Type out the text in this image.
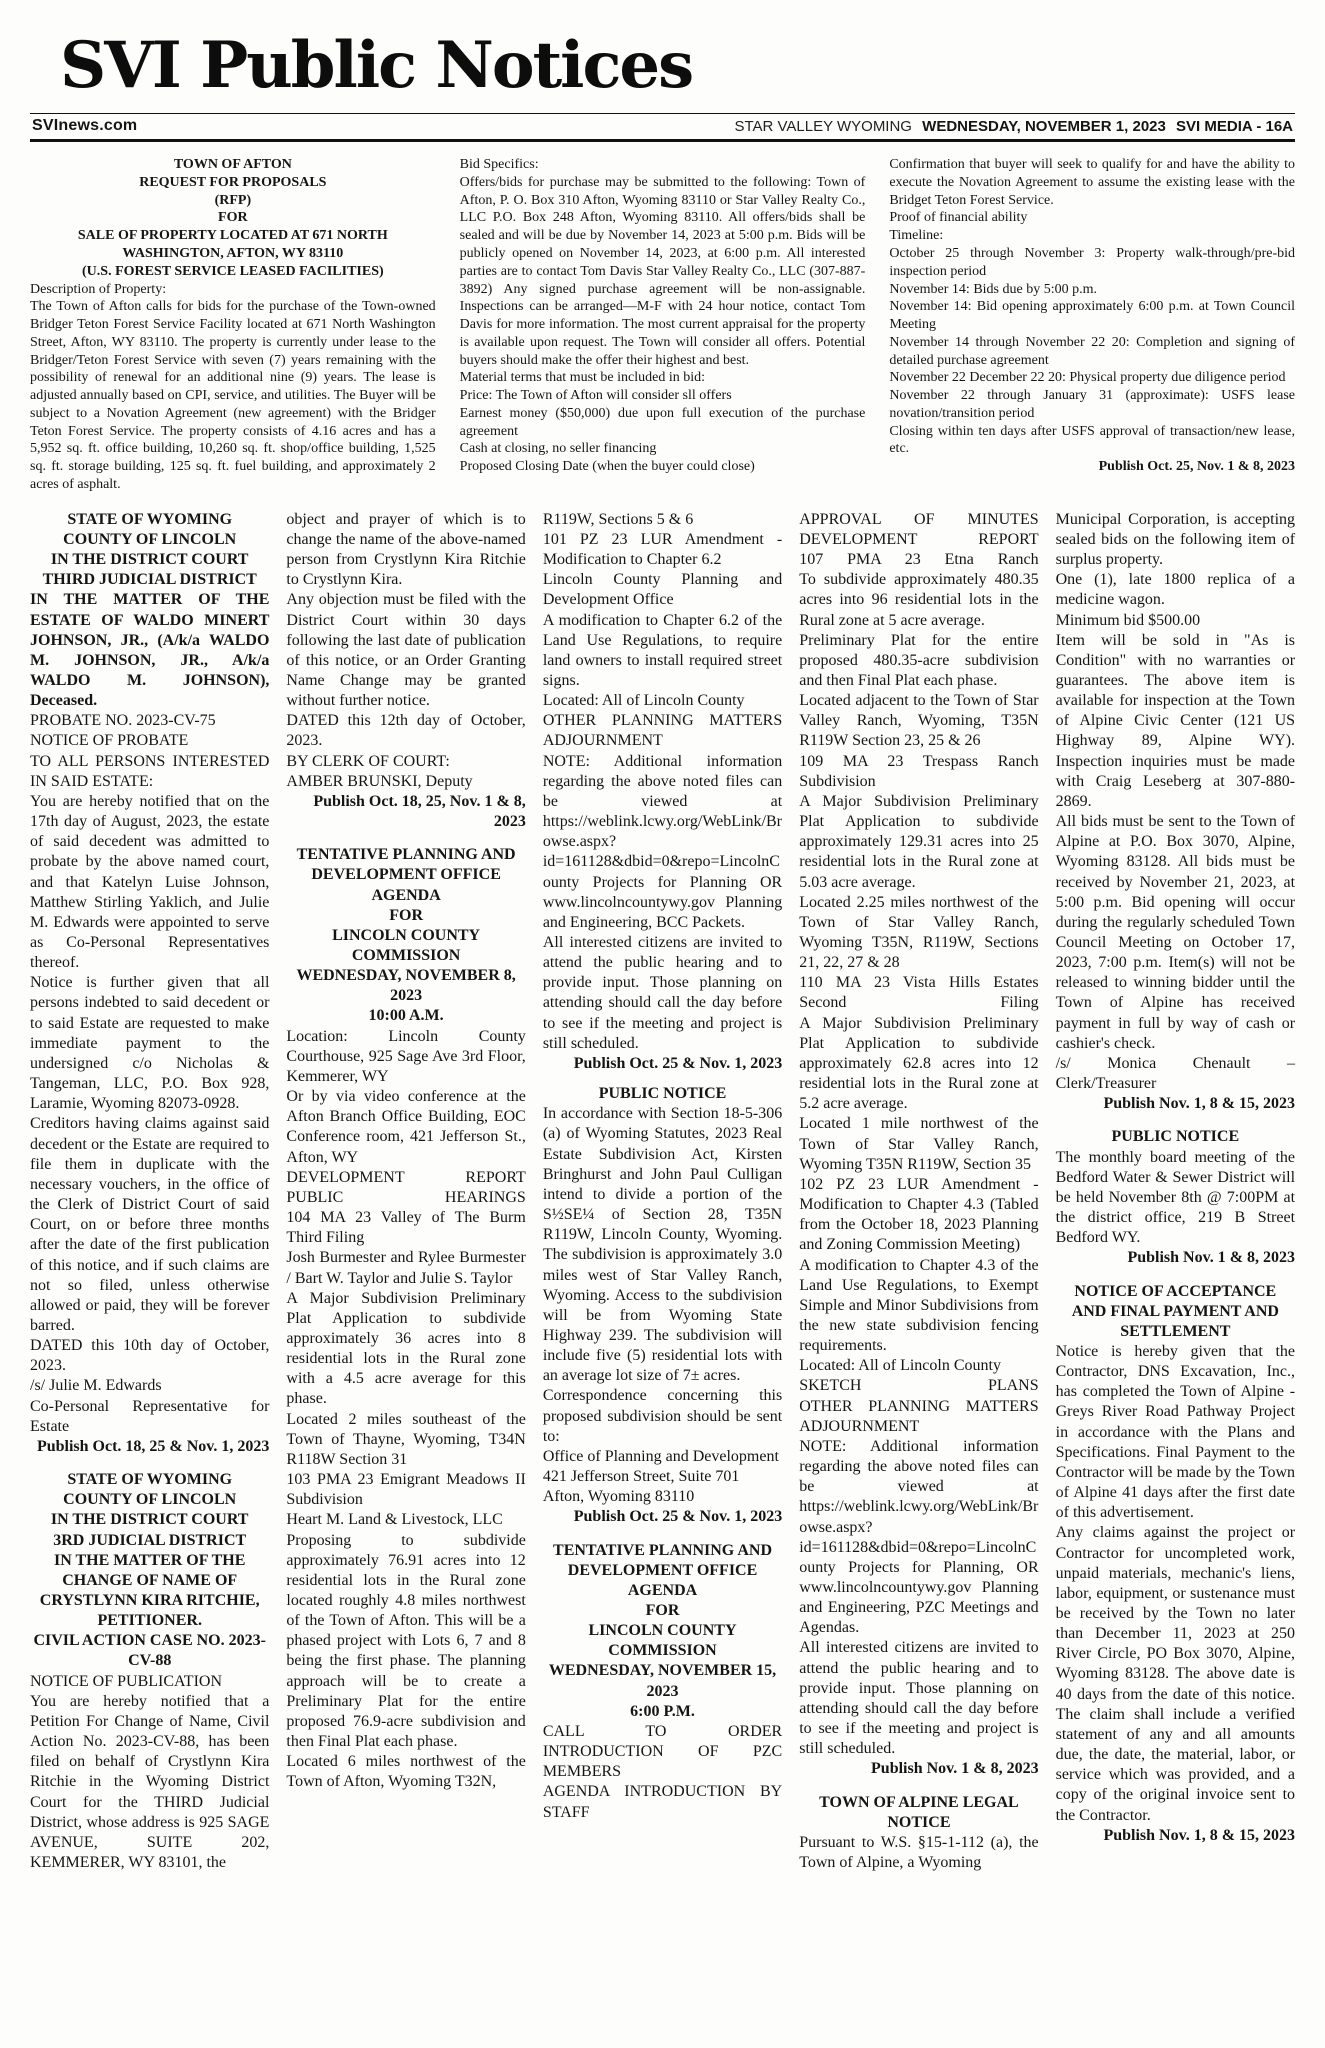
SVI Public Notices
SVInews.com	STAR VALLEY WYOMING WEDNESDAY, NOVEMBER 1, 2023 SVI MEDIA - 16A
TOWN OF AFTON
REQUEST FOR PROPOSALS
(RFP)
FOR
SALE OF PROPERTY LOCATED AT 671 NORTH WASHINGTON, AFTON, WY 83110
(U.S. FOREST SERVICE LEASED FACILITIES)
Description of Property:
The Town of Afton calls for bids for the purchase of the Town-owned Bridger Teton Forest Service Facility located at 671 North Washington Street, Afton, WY 83110. The property is currently under lease to the Bridger/Teton Forest Service with seven (7) years remaining with the possibility of renewal for an additional nine (9) years. The lease is adjusted annually based on CPI, service, and utilities. The Buyer will be subject to a Novation Agreement (new agreement) with the Bridger Teton Forest Service. The property consists of 4.16 acres and has a 5,952 sq. ft. office building, 10,260 sq. ft. shop/office building, 1,525 sq. ft. storage building, 125 sq. ft. fuel building, and approximately 2 acres of asphalt.
Bid Specifics:
Offers/bids for purchase may be submitted to the following: Town of Afton, P. O. Box 310 Afton, Wyoming 83110 or Star Valley Realty Co., LLC P.O. Box 248 Afton, Wyoming 83110. All offers/bids shall be sealed and will be due by November 14, 2023 at 5:00 p.m. Bids will be publicly opened on November 14, 2023, at 6:00 p.m. All interested parties are to contact Tom Davis Star Valley Realty Co., LLC (307-887-3892) Any signed purchase agreement will be non-assignable. Inspections can be arranged—M-F with 24 hour notice, contact Tom Davis for more information. The most current appraisal for the property is available upon request. The Town will consider all offers. Potential buyers should make the offer their highest and best.
Material terms that must be included in bid:
Price: The Town of Afton will consider sll offers
Earnest money ($50,000) due upon full execution of the purchase agreement
Cash at closing, no seller financing
Proposed Closing Date (when the buyer could close)
Confirmation that buyer will seek to qualify for and have the ability to execute the Novation Agreement to assume the existing lease with the Bridget Teton Forest Service.
Proof of financial ability
Timeline:
October 25 through November 3: Property walk-through/pre-bid inspection period
November 14: Bids due by 5:00 p.m.
November 14: Bid opening approximately 6:00 p.m. at Town Council Meeting
November 14 through November 22 20: Completion and signing of detailed purchase agreement
November 22 December 22 20: Physical property due diligence period
November 22 through January 31 (approximate): USFS lease novation/transition period
Closing within ten days after USFS approval of transaction/new lease, etc.
Publish Oct. 25, Nov. 1 & 8, 2023
STATE OF WYOMING
COUNTY OF LINCOLN
IN THE DISTRICT COURT
THIRD JUDICIAL DISTRICT
IN THE MATTER OF THE ESTATE OF WALDO MINERT JOHNSON, JR., (A/k/a WALDO M. JOHNSON, JR., A/k/a WALDO M. JOHNSON), Deceased.
PROBATE NO. 2023-CV-75
NOTICE OF PROBATE
TO ALL PERSONS INTERESTED IN SAID ESTATE:
You are hereby notified that on the 17th day of August, 2023, the estate of said decedent was admitted to probate by the above named court, and that Katelyn Luise Johnson, Matthew Stirling Yaklich, and Julie M. Edwards were appointed to serve as Co-Personal Representatives thereof.
Notice is further given that all persons indebted to said decedent or to said Estate are requested to make immediate payment to the undersigned c/o Nicholas & Tangeman, LLC, P.O. Box 928, Laramie, Wyoming 82073-0928.
Creditors having claims against said decedent or the Estate are required to file them in duplicate with the necessary vouchers, in the office of the Clerk of District Court of said Court, on or before three months after the date of the first publication of this notice, and if such claims are not so filed, unless otherwise allowed or paid, they will be forever barred.
DATED this 10th day of October, 2023.
/s/ Julie M. Edwards
Co-Personal Representative for Estate
Publish Oct. 18, 25 & Nov. 1, 2023
STATE OF WYOMING
COUNTY OF LINCOLN
IN THE DISTRICT COURT
3RD JUDICIAL DISTRICT
IN THE MATTER OF THE CHANGE OF NAME OF CRYSTLYNN KIRA RITCHIE, PETITIONER.
CIVIL ACTION CASE NO. 2023-CV-88
NOTICE OF PUBLICATION
You are hereby notified that a Petition For Change of Name, Civil Action No. 2023-CV-88, has been filed on behalf of Crystlynn Kira Ritchie in the Wyoming District Court for the THIRD Judicial District, whose address is 925 SAGE AVENUE, SUITE 202, KEMMERER, WY 83101, the
object and prayer of which is to change the name of the above-named person from Crystlynn Kira Ritchie to Crystlynn Kira.
Any objection must be filed with the District Court within 30 days following the last date of publication of this notice, or an Order Granting Name Change may be granted without further notice.
DATED this 12th day of October, 2023.
BY CLERK OF COURT:
AMBER BRUNSKI, Deputy
Publish Oct. 18, 25, Nov. 1 & 8, 2023
TENTATIVE PLANNING AND DEVELOPMENT OFFICE AGENDA
FOR
LINCOLN COUNTY COMMISSION
WEDNESDAY, NOVEMBER 8, 2023
10:00 A.M.
Location: Lincoln County Courthouse, 925 Sage Ave 3rd Floor, Kemmerer, WY
Or by via video conference at the Afton Branch Office Building, EOC Conference room, 421 Jefferson St., Afton, WY
DEVELOPMENT REPORT
PUBLIC HEARINGS
104 MA 23 Valley of The Burm Third Filing
Josh Burmester and Rylee Burmester / Bart W. Taylor and Julie S. Taylor
A Major Subdivision Preliminary Plat Application to subdivide approximately 36 acres into 8 residential lots in the Rural zone with a 4.5 acre average for this phase.
Located 2 miles southeast of the Town of Thayne, Wyoming, T34N R118W Section 31
103 PMA 23 Emigrant Meadows II Subdivision
Heart M. Land & Livestock, LLC
Proposing to subdivide approximately 76.91 acres into 12 residential lots in the Rural zone located roughly 4.8 miles northwest of the Town of Afton. This will be a phased project with Lots 6, 7 and 8 being the first phase. The planning approach will be to create a Preliminary Plat for the entire proposed 76.9-acre subdivision and then Final Plat each phase.
Located 6 miles northwest of the Town of Afton, Wyoming T32N,
R119W, Sections 5 & 6
101 PZ 23 LUR Amendment - Modification to Chapter 6.2
Lincoln County Planning and Development Office
A modification to Chapter 6.2 of the Land Use Regulations, to require land owners to install required street signs.
Located: All of Lincoln County
OTHER PLANNING MATTERS
ADJOURNMENT
NOTE: Additional information regarding the above noted files can be viewed at https://weblink.lcwy.org/WebLink/Browse.aspx?id=161128&dbid=0&repo=LincolnCounty Projects for Planning OR www.lincolncountywy.gov Planning and Engineering, BCC Packets.
All interested citizens are invited to attend the public hearing and to provide input. Those planning on attending should call the day before to see if the meeting and project is still scheduled.
Publish Oct. 25 & Nov. 1, 2023
PUBLIC NOTICE
In accordance with Section 18-5-306 (a) of Wyoming Statutes, 2023 Real Estate Subdivision Act, Kirsten Bringhurst and John Paul Culligan intend to divide a portion of the S½SE¼ of Section 28, T35N R119W, Lincoln County, Wyoming. The subdivision is approximately 3.0 miles west of Star Valley Ranch, Wyoming. Access to the subdivision will be from Wyoming State Highway 239. The subdivision will include five (5) residential lots with an average lot size of 7± acres.
Correspondence concerning this proposed subdivision should be sent to:
Office of Planning and Development
421 Jefferson Street, Suite 701
Afton, Wyoming 83110
Publish Oct. 25 & Nov. 1, 2023
TENTATIVE PLANNING AND DEVELOPMENT OFFICE AGENDA
FOR
LINCOLN COUNTY COMMISSION
WEDNESDAY, NOVEMBER 15, 2023
6:00 P.M.
CALL TO ORDER
INTRODUCTION OF PZC MEMBERS
AGENDA INTRODUCTION BY STAFF
APPROVAL OF MINUTES
DEVELOPMENT REPORT
107 PMA 23 Etna Ranch
To subdivide approximately 480.35 acres into 96 residential lots in the Rural zone at 5 acre average.
Preliminary Plat for the entire proposed 480.35-acre subdivision and then Final Plat each phase.
Located adjacent to the Town of Star Valley Ranch, Wyoming, T35N R119W Section 23, 25 & 26
109 MA 23 Trespass Ranch Subdivision
A Major Subdivision Preliminary Plat Application to subdivide approximately 129.31 acres into 25 residential lots in the Rural zone at 5.03 acre average.
Located 2.25 miles northwest of the Town of Star Valley Ranch, Wyoming T35N, R119W, Sections 21, 22, 27 & 28
110 MA 23 Vista Hills Estates Second Filing
A Major Subdivision Preliminary Plat Application to subdivide approximately 62.8 acres into 12 residential lots in the Rural zone at 5.2 acre average.
Located 1 mile northwest of the Town of Star Valley Ranch, Wyoming T35N R119W, Section 35
102 PZ 23 LUR Amendment - Modification to Chapter 4.3 (Tabled from the October 18, 2023 Planning and Zoning Commission Meeting)
A modification to Chapter 4.3 of the Land Use Regulations, to Exempt Simple and Minor Subdivisions from the new state subdivision fencing requirements.
Located: All of Lincoln County
SKETCH PLANS
OTHER PLANNING MATTERS
ADJOURNMENT
NOTE: Additional information regarding the above noted files can be viewed at https://weblink.lcwy.org/WebLink/Browse.aspx?id=161128&dbid=0&repo=LincolnCounty Projects for Planning, OR www.lincolncountywy.gov Planning and Engineering, PZC Meetings and Agendas.
All interested citizens are invited to attend the public hearing and to provide input. Those planning on attending should call the day before to see if the meeting and project is still scheduled.
Publish Nov. 1 & 8, 2023
TOWN OF ALPINE LEGAL NOTICE
Pursuant to W.S. §15-1-112 (a), the Town of Alpine, a Wyoming
Municipal Corporation, is accepting sealed bids on the following item of surplus property.
One (1), late 1800 replica of a medicine wagon.
Minimum bid $500.00
Item will be sold in "As is Condition" with no warranties or guarantees. The above item is available for inspection at the Town of Alpine Civic Center (121 US Highway 89, Alpine WY). Inspection inquiries must be made with Craig Leseberg at 307-880-2869.
All bids must be sent to the Town of Alpine at P.O. Box 3070, Alpine, Wyoming 83128. All bids must be received by November 21, 2023, at 5:00 p.m. Bid opening will occur during the regularly scheduled Town Council Meeting on October 17, 2023, 7:00 p.m. Item(s) will not be released to winning bidder until the Town of Alpine has received payment in full by way of cash or cashier's check.
/s/ Monica Chenault – Clerk/Treasurer
Publish Nov. 1, 8 & 15, 2023
PUBLIC NOTICE
The monthly board meeting of the Bedford Water & Sewer District will be held November 8th @ 7:00PM at the district office, 219 B Street Bedford WY.
Publish Nov. 1 & 8, 2023
NOTICE OF ACCEPTANCE AND FINAL PAYMENT AND SETTLEMENT
Notice is hereby given that the Contractor, DNS Excavation, Inc., has completed the Town of Alpine - Greys River Road Pathway Project in accordance with the Plans and Specifications. Final Payment to the Contractor will be made by the Town of Alpine 41 days after the first date of this advertisement.
Any claims against the project or Contractor for uncompleted work, unpaid materials, mechanic's liens, labor, equipment, or sustenance must be received by the Town no later than December 11, 2023 at 250 River Circle, PO Box 3070, Alpine, Wyoming 83128. The above date is 40 days from the date of this notice. The claim shall include a verified statement of any and all amounts due, the date, the material, labor, or service which was provided, and a copy of the original invoice sent to the Contractor.
Publish Nov. 1, 8 & 15, 2023
